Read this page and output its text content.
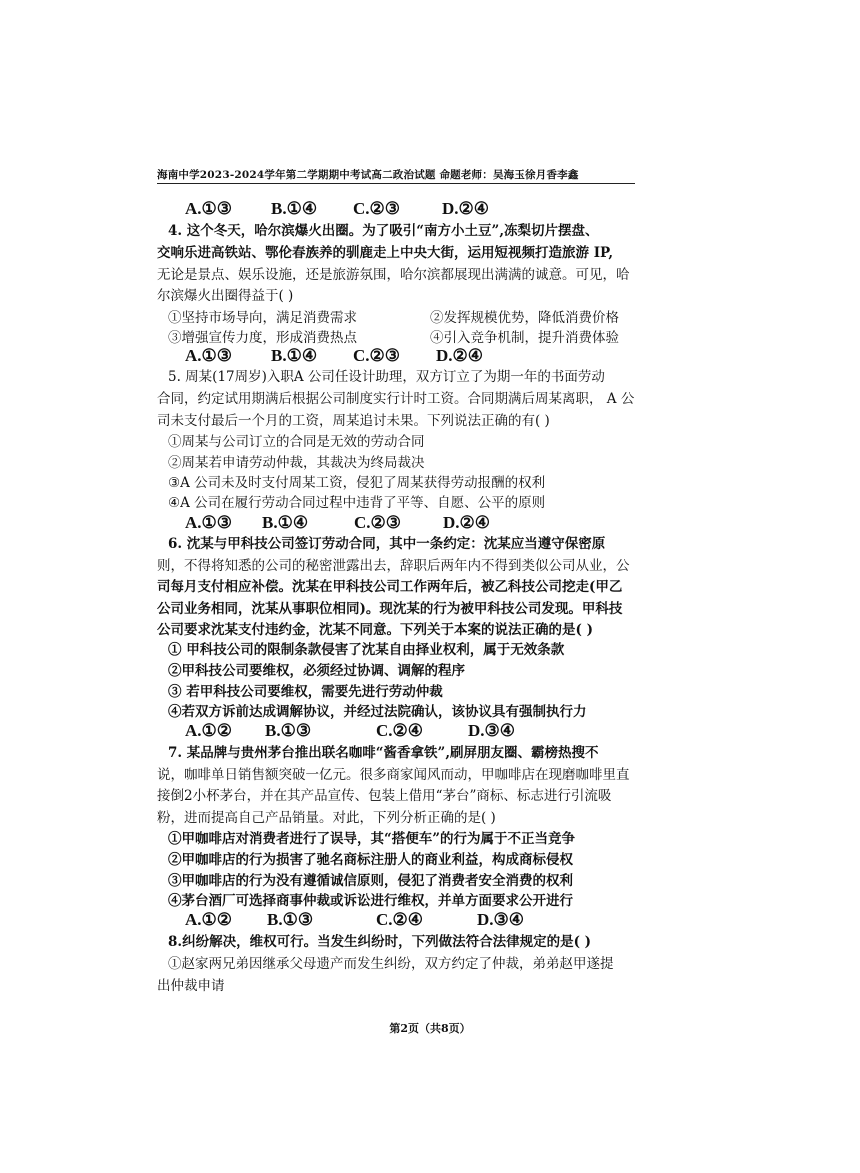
海南中学2023-2024学年第二学期期中考试高二政治试题 命题老师：吴海玉徐月香李鑫
A.①③ B.①④ C.②③ D.②④
4. 这个冬天，哈尔滨爆火出圈。为了吸引“南方小土豆”,冻梨切片摆盘、
交响乐进高铁站、鄂伦春族养的驯鹿走上中央大街，运用短视频打造旅游 IP,
无论是景点、娱乐设施，还是旅游氛围，哈尔滨都展现出满满的诚意。可见，哈
尔滨爆火出圈得益于( )
①坚持市场导向，满足消费需求	②发挥规模优势，降低消费价格
③增强宣传力度，形成消费热点	④引入竞争机制，提升消费体验
A.①③ B.①④ C.②③ D.②④
5. 周某(17周岁)入职A 公司任设计助理，双方订立了为期一年的书面劳动
合同，约定试用期满后根据公司制度实行计时工资。合同期满后周某离职， A 公
司未支付最后一个月的工资，周某追讨未果。下列说法正确的有( )
①周某与公司订立的合同是无效的劳动合同
②周某若申请劳动仲裁，其裁决为终局裁决
③A 公司未及时支付周某工资，侵犯了周某获得劳动报酬的权利
④A 公司在履行劳动合同过程中违背了平等、自愿、公平的原则
A.①③ B.①④	C.②③ D.②④
6. 沈某与甲科技公司签订劳动合同，其中一条约定：沈某应当遵守保密原
则，不得将知悉的公司的秘密泄露出去，辞职后两年内不得到类似公司从业，公
司每月支付相应补偿。沈某在甲科技公司工作两年后，被乙科技公司挖走(甲乙
公司业务相同，沈某从事职位相同)。现沈某的行为被甲科技公司发现。甲科技
公司要求沈某支付违约金，沈某不同意。下列关于本案的说法正确的是( )
① 甲科技公司的限制条款侵害了沈某自由择业权利，属于无效条款
②甲科技公司要维权，必须经过协调、调解的程序
③ 若甲科技公司要维权，需要先进行劳动仲裁
④若双方诉前达成调解协议，并经过法院确认，该协议具有强制执行力
A.①② B.①③	C.②④	D.③④
7. 某品牌与贵州茅台推出联名咖啡“酱香拿铁”,刷屏朋友圈、霸榜热搜不
说，咖啡单日销售额突破一亿元。很多商家闻风而动，甲咖啡店在现磨咖啡里直
接倒2小杯茅台，并在其产品宣传、包装上借用“茅台”商标、标志进行引流吸
粉，进而提高自己产品销量。对此，下列分析正确的是( )
①甲咖啡店对消费者进行了误导，其“搭便车”的行为属于不正当竞争
②甲咖啡店的行为损害了驰名商标注册人的商业利益，构成商标侵权
③甲咖啡店的行为没有遵循诚信原则，侵犯了消费者安全消费的权利
④茅台酒厂可选择商事仲裁或诉讼进行维权，并单方面要求公开进行
A.①② B.①③	C.②④	D.③④
8.纠纷解决，维权可行。当发生纠纷时，下列做法符合法律规定的是( )
①赵家两兄弟因继承父母遗产而发生纠纷，双方约定了仲裁，弟弟赵甲遂提
出仲裁申请
第2页（共8页）
